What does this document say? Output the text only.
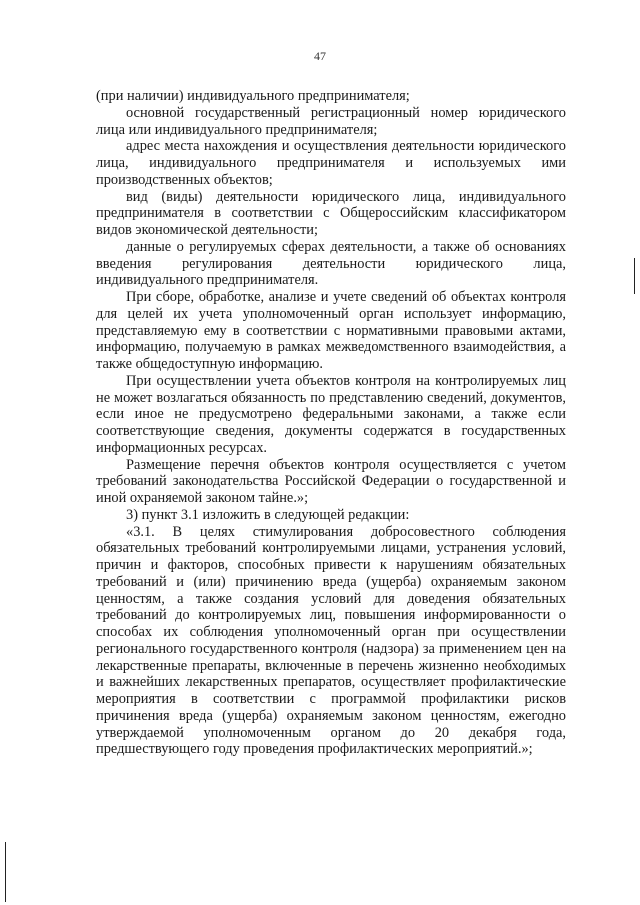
47

(при наличии) индивидуального предпринимателя;

основной государственный регистрационный номер юридического лица или индивидуального предпринимателя;

адрес места нахождения и осуществления деятельности юридического лица, индивидуального предпринимателя и используемых ими производственных объектов;

вид (виды) деятельности юридического лица, индивидуального предпринимателя в соответствии с Общероссийским классификатором видов экономической деятельности;

данные о регулируемых сферах деятельности, а также об основаниях введения регулирования деятельности юридического лица, индивидуального предпринимателя.

При сборе, обработке, анализе и учете сведений об объектах контроля для целей их учета уполномоченный орган использует информацию, представляемую ему в соответствии с нормативными правовыми актами, информацию, получаемую в рамках межведомственного взаимодействия, а также общедоступную информацию.

При осуществлении учета объектов контроля на контролируемых лиц не может возлагаться обязанность по представлению сведений, документов, если иное не предусмотрено федеральными законами, а также если соответствующие сведения, документы содержатся в государственных информационных ресурсах.

Размещение перечня объектов контроля осуществляется с учетом требований законодательства Российской Федерации о государственной и иной охраняемой законом тайне.»;

3) пункт 3.1 изложить в следующей редакции:

«3.1. В целях стимулирования добросовестного соблюдения обязательных требований контролируемыми лицами, устранения условий, причин и факторов, способных привести к нарушениям обязательных требований и (или) причинению вреда (ущерба) охраняемым законом ценностям, а также создания условий для доведения обязательных требований до контролируемых лиц, повышения информированности о способах их соблюдения уполномоченный орган при осуществлении регионального государственного контроля (надзора) за применением цен на лекарственные препараты, включенные в перечень жизненно необходимых и важнейших лекарственных препаратов, осуществляет профилактические мероприятия в соответствии с программой профилактики рисков причинения вреда (ущерба) охраняемым законом ценностям, ежегодно утверждаемой уполномоченным органом до 20 декабря года, предшествующего году проведения профилактических мероприятий.»;
